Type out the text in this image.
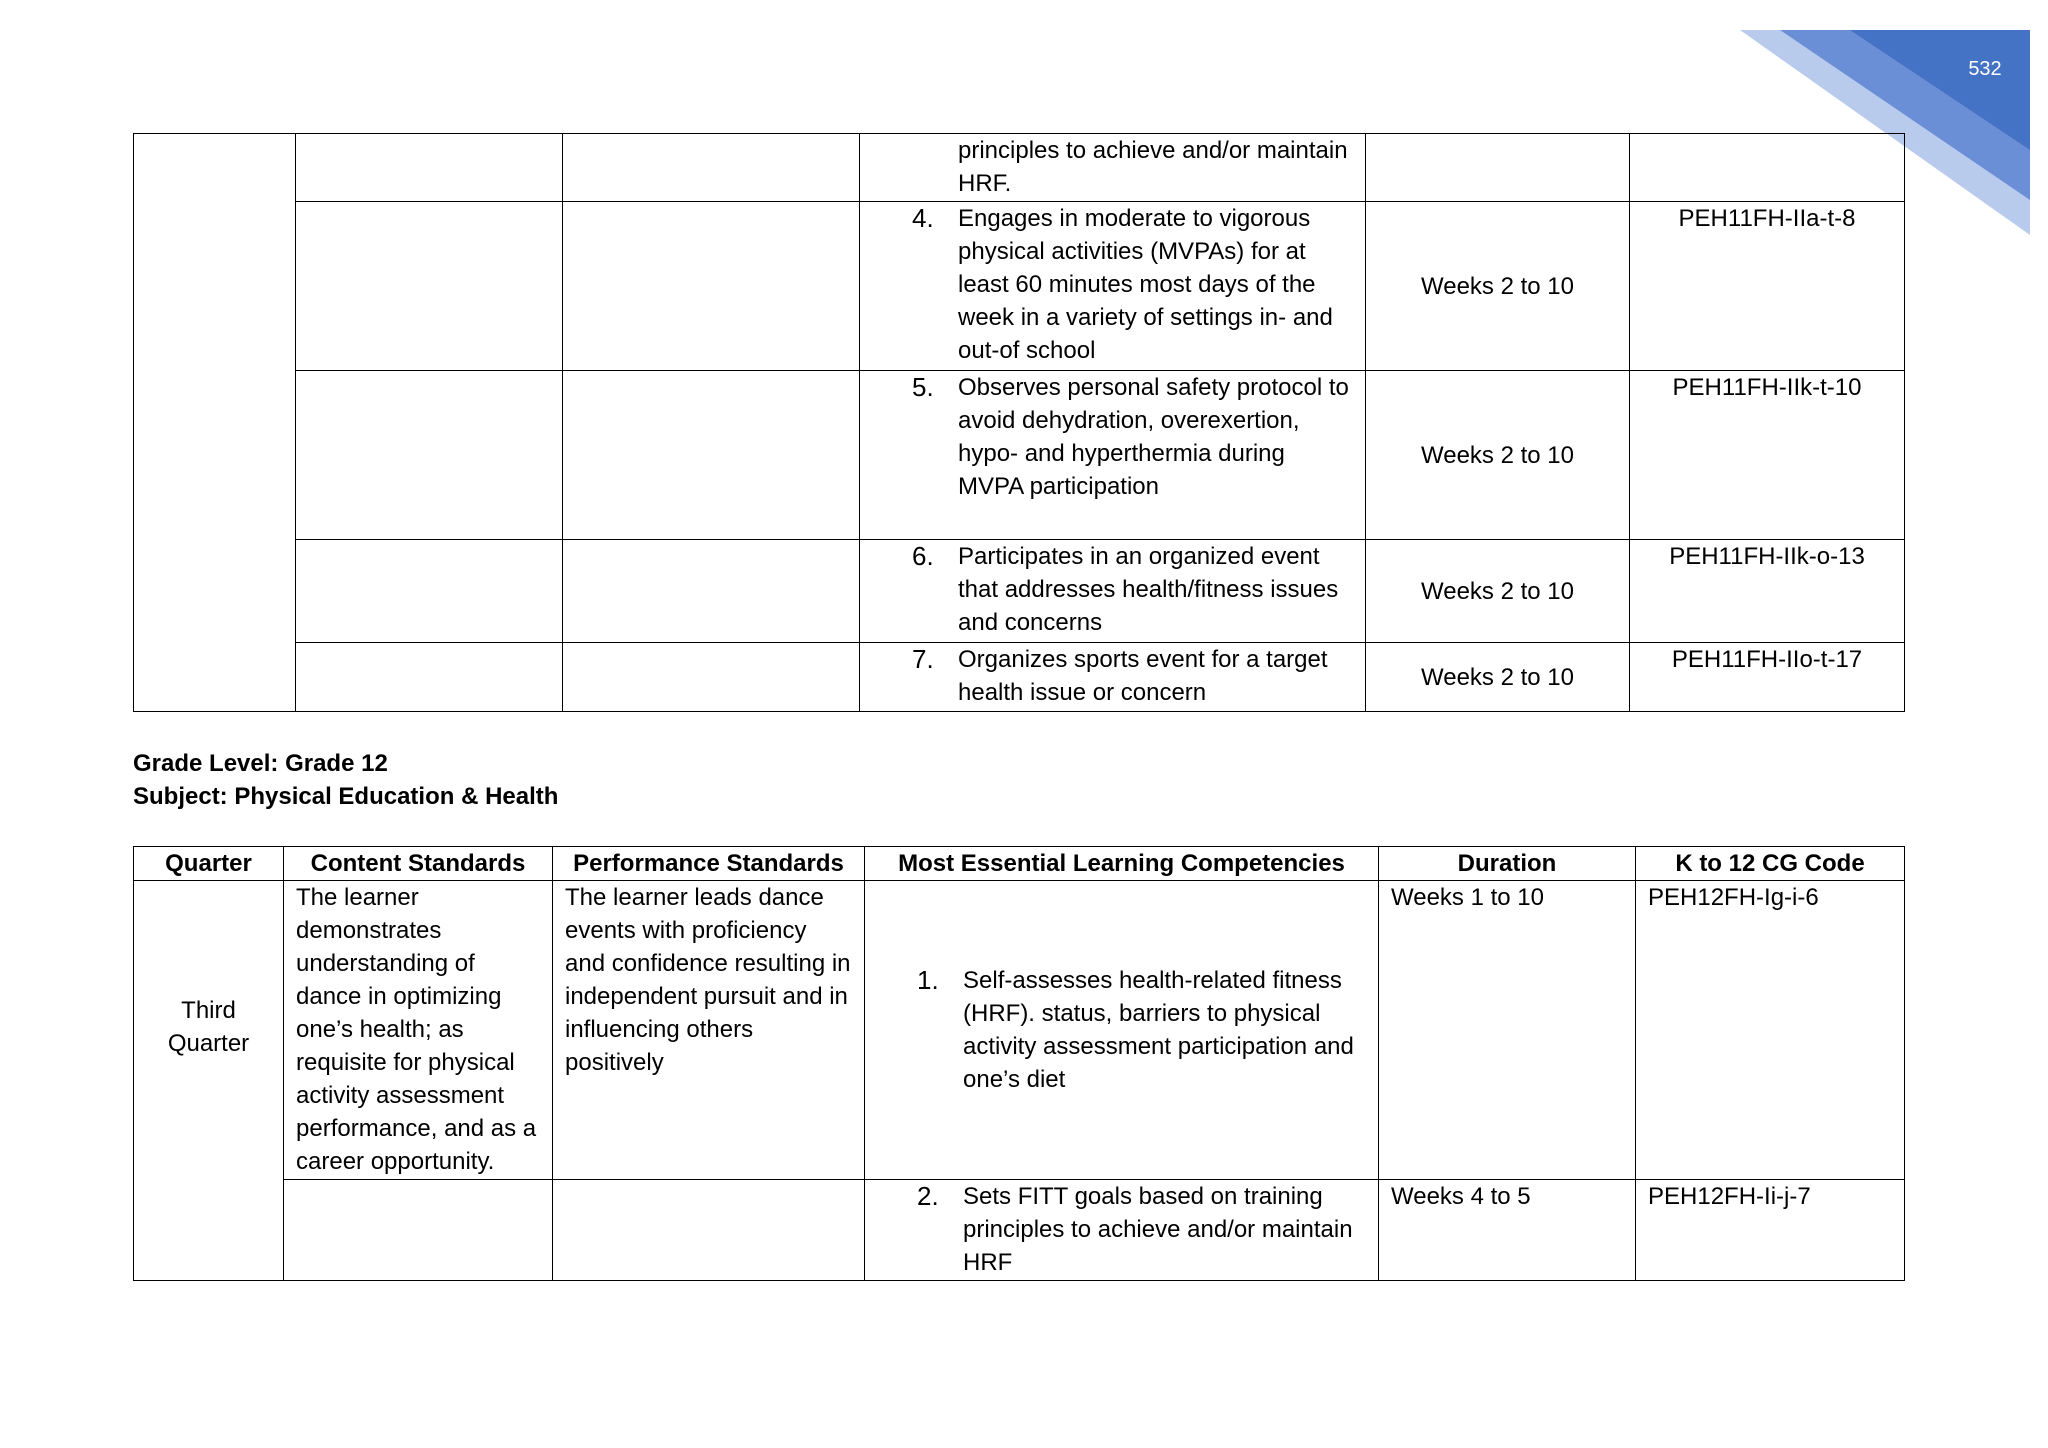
532

			principles to achieve and/or maintain HRF.		

			4. Engages in moderate to vigorous physical activities (MVPAs) for at least 60 minutes most days of the week in a variety of settings in- and out-of school	Weeks 2 to 10	PEH11FH-IIa-t-8

			5. Observes personal safety protocol to avoid dehydration, overexertion, hypo- and hyperthermia during MVPA participation	Weeks 2 to 10	PEH11FH-IIk-t-10

			6. Participates in an organized event that addresses health/fitness issues and concerns	Weeks 2 to 10	PEH11FH-IIk-o-13

			7. Organizes sports event for a target health issue or concern	Weeks 2 to 10	PEH11FH-IIo-t-17
Grade Level: Grade 12
Subject: Physical Education & Health
Quarter	Content Standards	Performance Standards	Most Essential Learning Competencies	Duration	K to 12 CG Code

Third Quarter	The learner demonstrates understanding of dance in optimizing one’s health; as requisite for physical activity assessment performance, and as a career opportunity.	The learner leads dance events with proficiency and confidence resulting in independent pursuit and in influencing others positively	1. Self-assesses health-related fitness (HRF). status, barriers to physical activity assessment participation and one’s diet	Weeks 1 to 10	PEH12FH-Ig-i-6

			2. Sets FITT goals based on training principles to achieve and/or maintain HRF	Weeks 4 to 5	PEH12FH-Ii-j-7
